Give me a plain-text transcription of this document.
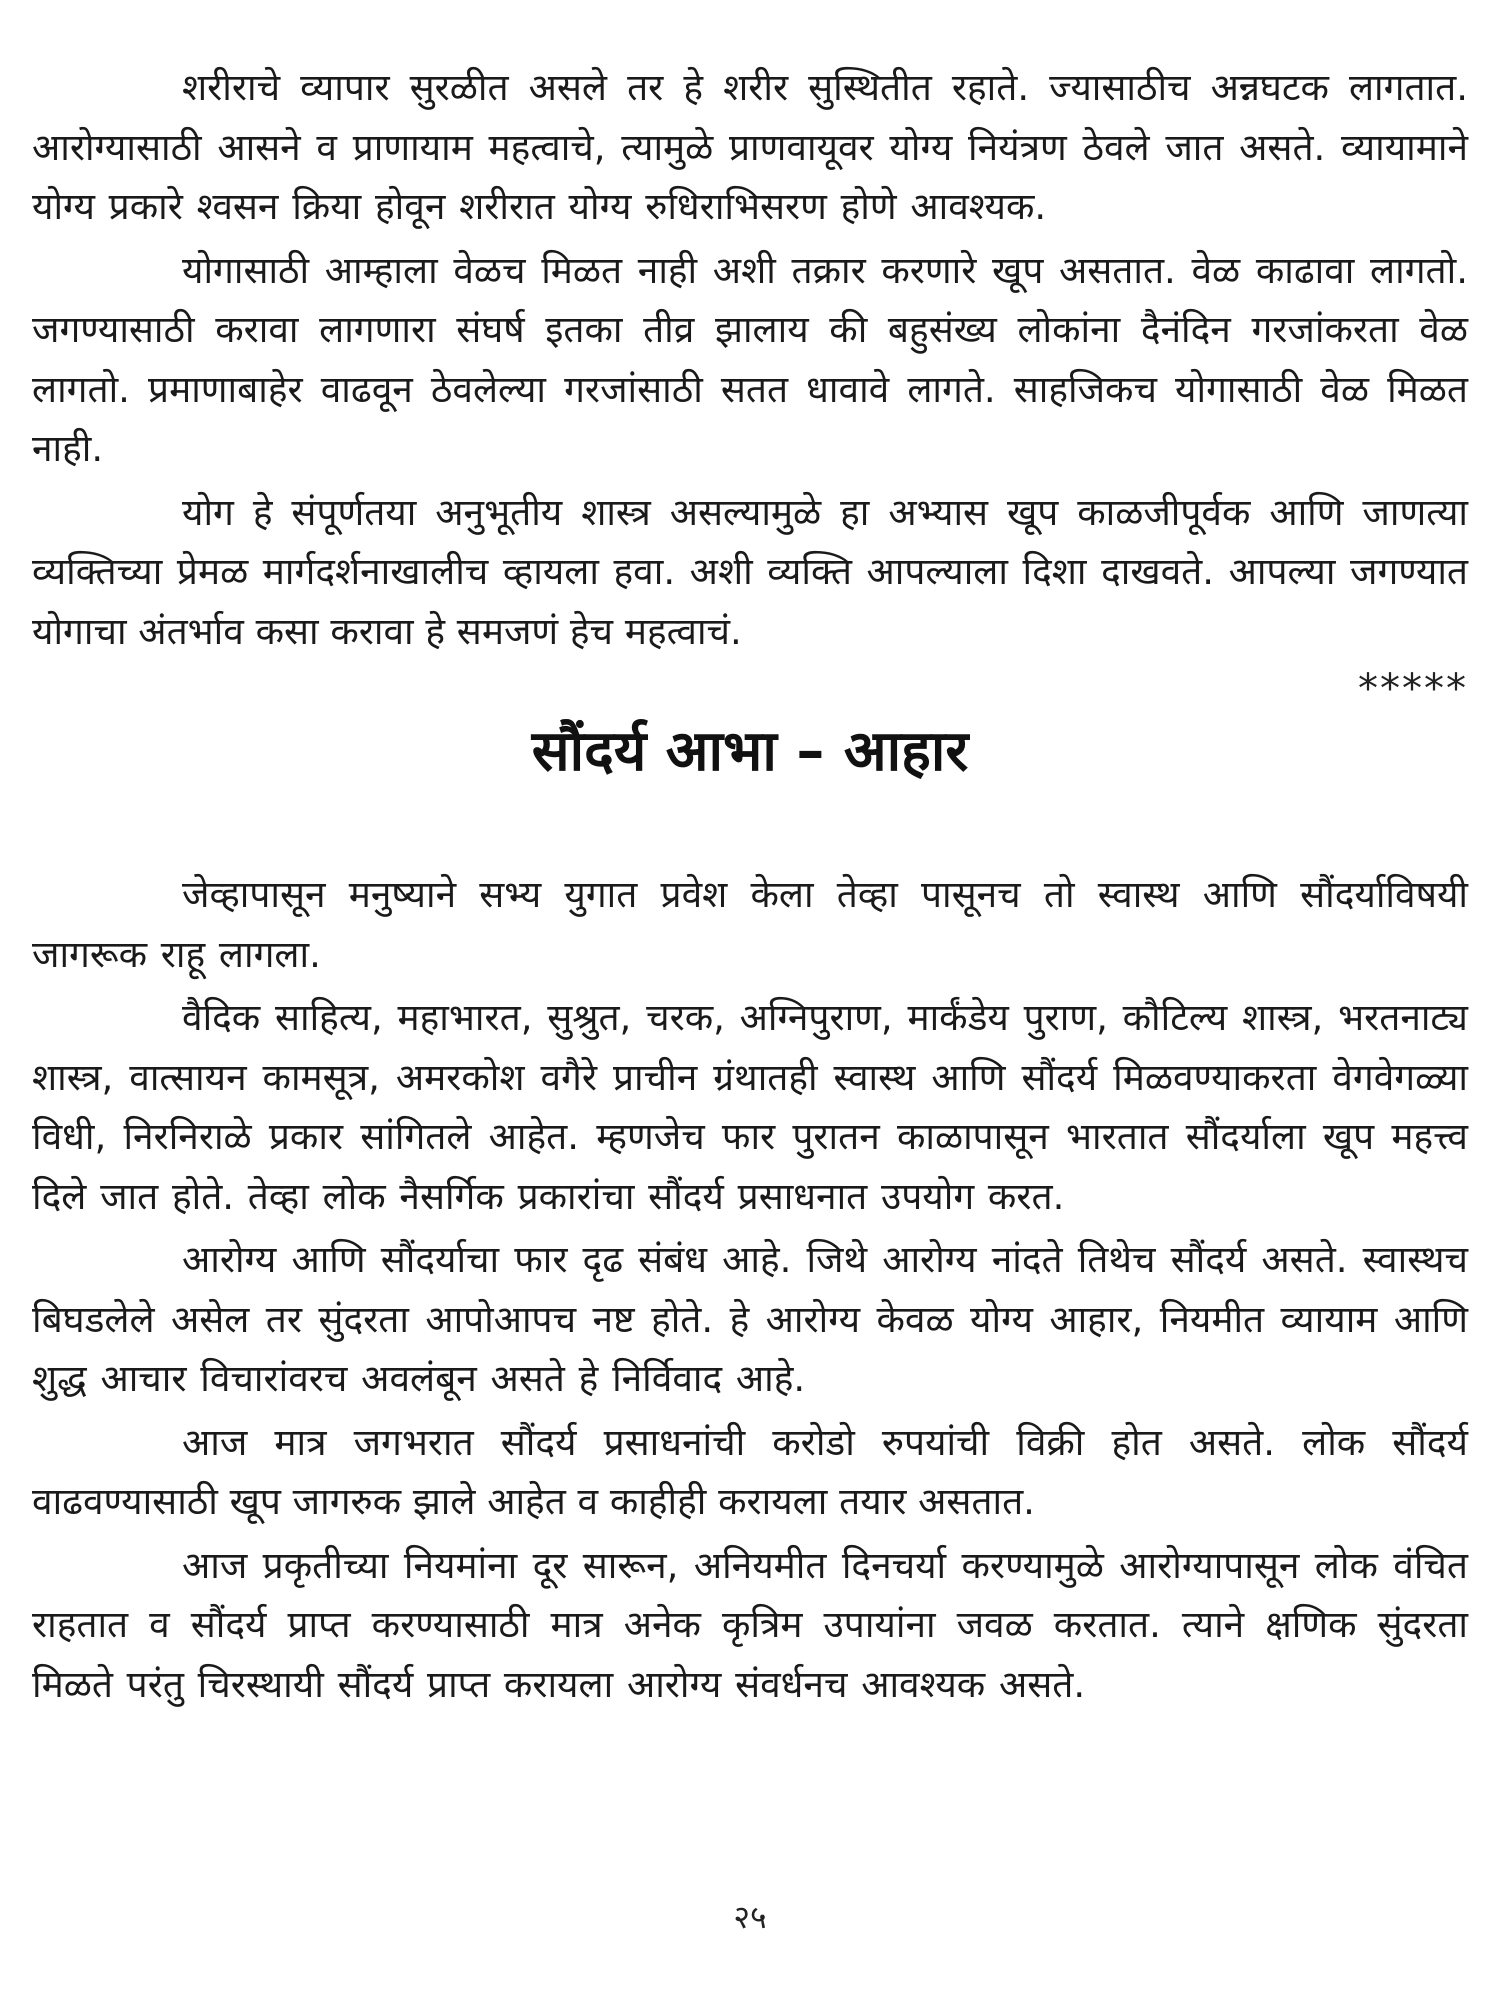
शरीराचे व्यापार सुरळीत असले तर हे शरीर सुस्थितीत रहाते. ज्यासाठीच अन्नघटक लागतात. आरोग्यासाठी आसने व प्राणायाम महत्वाचे, त्यामुळे प्राणवायूवर योग्य नियंत्रण ठेवले जात असते. व्यायामाने योग्य प्रकारे श्वसन क्रिया होवून शरीरात योग्य रुधिराभिसरण होणे आवश्यक.

योगासाठी आम्हाला वेळच मिळत नाही अशी तक्रार करणारे खूप असतात. वेळ काढावा लागतो. जगण्यासाठी करावा लागणारा संघर्ष इतका तीव्र झालाय की बहुसंख्य लोकांना दैनंदिन गरजांकरता वेळ लागतो. प्रमाणाबाहेर वाढवून ठेवलेल्या गरजांसाठी सतत धावावे लागते. साहजिकच योगासाठी वेळ मिळत नाही.

योग हे संपूर्णतया अनुभूतीय शास्त्र असल्यामुळे हा अभ्यास खूप काळजीपूर्वक आणि जाणत्या व्यक्तिच्या प्रेमळ मार्गदर्शनाखालीच व्हायला हवा. अशी व्यक्ति आपल्याला दिशा दाखवते. आपल्या जगण्यात योगाचा अंतर्भाव कसा करावा हे समजणं हेच महत्वाचं.

*****
सौंदर्य आभा – आहार

जेव्हापासून मनुष्याने सभ्य युगात प्रवेश केला तेव्हा पासूनच तो स्वास्थ आणि सौंदर्याविषयी जागरूक राहू लागला.

वैदिक साहित्य, महाभारत, सुश्रुत, चरक, अग्निपुराण, मार्कंडेय पुराण, कौटिल्य शास्त्र, भरतनाट्य शास्त्र, वात्सायन कामसूत्र, अमरकोश वगैरे प्राचीन ग्रंथातही स्वास्थ आणि सौंदर्य मिळवण्याकरता वेगवेगळ्या विधी, निरनिराळे प्रकार सांगितले आहेत. म्हणजेच फार पुरातन काळापासून भारतात सौंदर्याला खूप महत्त्व दिले जात होते. तेव्हा लोक नैसर्गिक प्रकारांचा सौंदर्य प्रसाधनात उपयोग करत.

आरोग्य आणि सौंदर्याचा फार दृढ संबंध आहे. जिथे आरोग्य नांदते तिथेच सौंदर्य असते. स्वास्थच बिघडलेले असेल तर सुंदरता आपोआपच नष्ट होते. हे आरोग्य केवळ योग्य आहार, नियमीत व्यायाम आणि शुद्ध आचार विचारांवरच अवलंबून असते हे निर्विवाद आहे.

आज मात्र जगभरात सौंदर्य प्रसाधनांची करोडो रुपयांची विक्री होत असते. लोक सौंदर्य वाढवण्यासाठी खूप जागरुक झाले आहेत व काहीही करायला तयार असतात.

आज प्रकृतीच्या नियमांना दूर सारून, अनियमीत दिनचर्या करण्यामुळे आरोग्यापासून लोक वंचित राहतात व सौंदर्य प्राप्त करण्यासाठी मात्र अनेक कृत्रिम उपायांना जवळ करतात. त्याने क्षणिक सुंदरता मिळते परंतु चिरस्थायी सौंदर्य प्राप्त करायला आरोग्य संवर्धनच आवश्यक असते.

२५
